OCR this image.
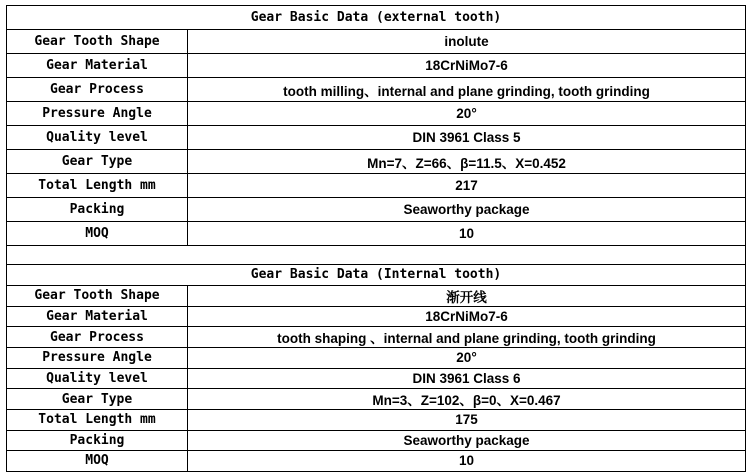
Gear Basic Data (external tooth)	
Gear Tooth Shape	inolute
Gear Material	18CrNiMo7-6
Gear Process	tooth milling、internal and plane grinding, tooth grinding
Pressure Angle	20°
Quality level	DIN 3961 Class 5
Gear Type	Mn=7、Z=66、β=11.5、X=0.452
Total Length mm	217
Packing	Seaworthy package
MOQ	10

Gear Basic Data (Internal tooth)	
Gear Tooth Shape	渐开线
Gear Material	18CrNiMo7-6
Gear Process	tooth shaping 、internal and plane grinding, tooth grinding
Pressure Angle	20°
Quality level	DIN 3961 Class 6
Gear Type	Mn=3、Z=102、β=0、X=0.467
Total Length mm	175
Packing	Seaworthy package
MOQ	10
